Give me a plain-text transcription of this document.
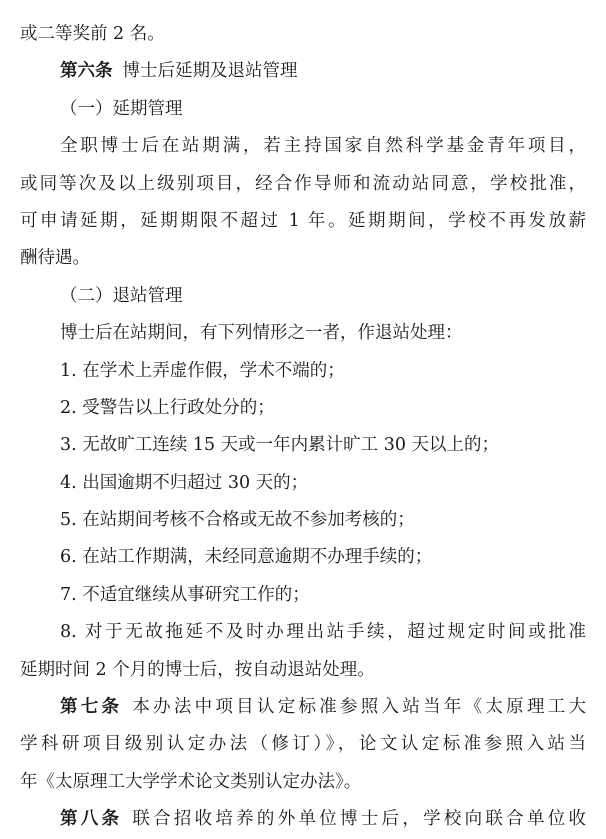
或二等奖前 2 名。
第六条 博士后延期及退站管理
（一）延期管理
全职博士后在站期满，若主持国家自然科学基金青年项目，
或同等次及以上级别项目，经合作导师和流动站同意，学校批准，
可申请延期，延期期限不超过 1 年。延期期间，学校不再发放薪
酬待遇。
（二）退站管理
博士后在站期间，有下列情形之一者，作退站处理：
1. 在学术上弄虚作假，学术不端的；
2. 受警告以上行政处分的；
3. 无故旷工连续 15 天或一年内累计旷工 30 天以上的；
4. 出国逾期不归超过 30 天的；
5. 在站期间考核不合格或无故不参加考核的；
6. 在站工作期满，未经同意逾期不办理手续的；
7. 不适宜继续从事研究工作的；
8. 对于无故拖延不及时办理出站手续，超过规定时间或批准
延期时间 2 个月的博士后，按自动退站处理。
第七条 本办法中项目认定标准参照入站当年《太原理工大
学科研项目级别认定办法（修订）》，论文认定标准参照入站当
年《太原理工大学学术论文类别认定办法》。
第八条 联合招收培养的外单位博士后，学校向联合单位收
